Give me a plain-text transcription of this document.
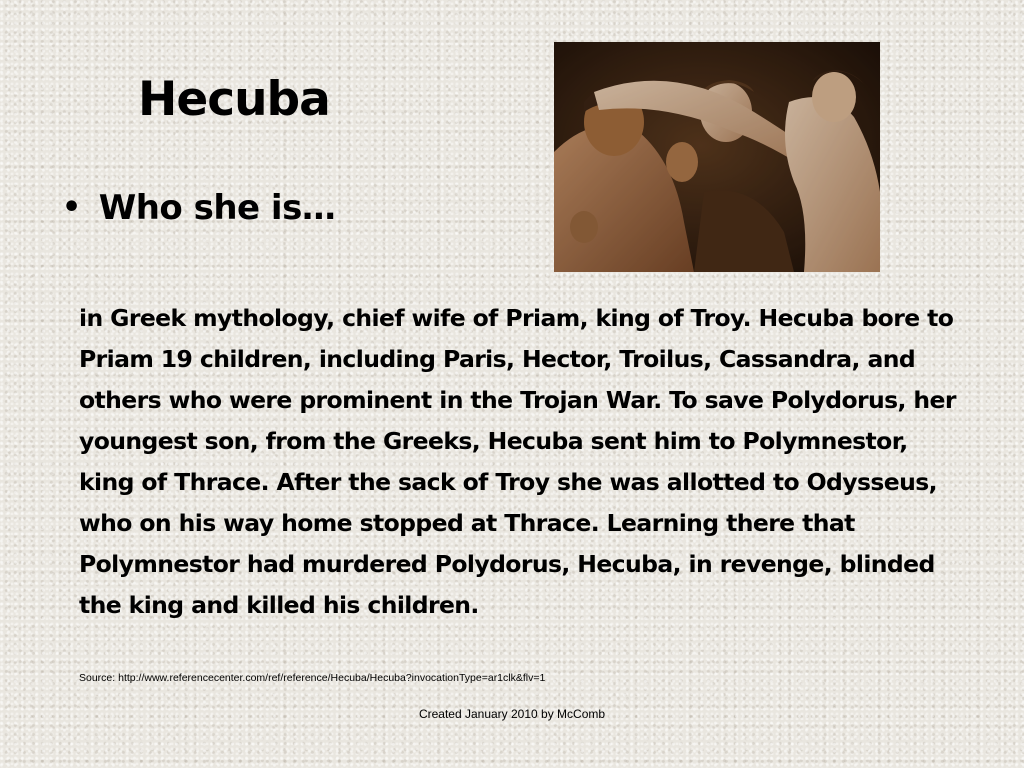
Hecuba
• Who she is…

in Greek mythology, chief wife of Priam, king of Troy. Hecuba bore to Priam 19 children, including Paris, Hector, Troilus, Cassandra, and others who were prominent in the Trojan War. To save Polydorus, her youngest son, from the Greeks, Hecuba sent him to Polymnestor, king of Thrace. After the sack of Troy she was allotted to Odysseus, who on his way home stopped at Thrace. Learning there that Polymnestor had murdered Polydorus, Hecuba, in revenge, blinded the king and killed his children.

Source: http://www.referencecenter.com/ref/reference/Hecuba/Hecuba?invocationType=ar1clk&flv=1
Created January 2010 by McComb
